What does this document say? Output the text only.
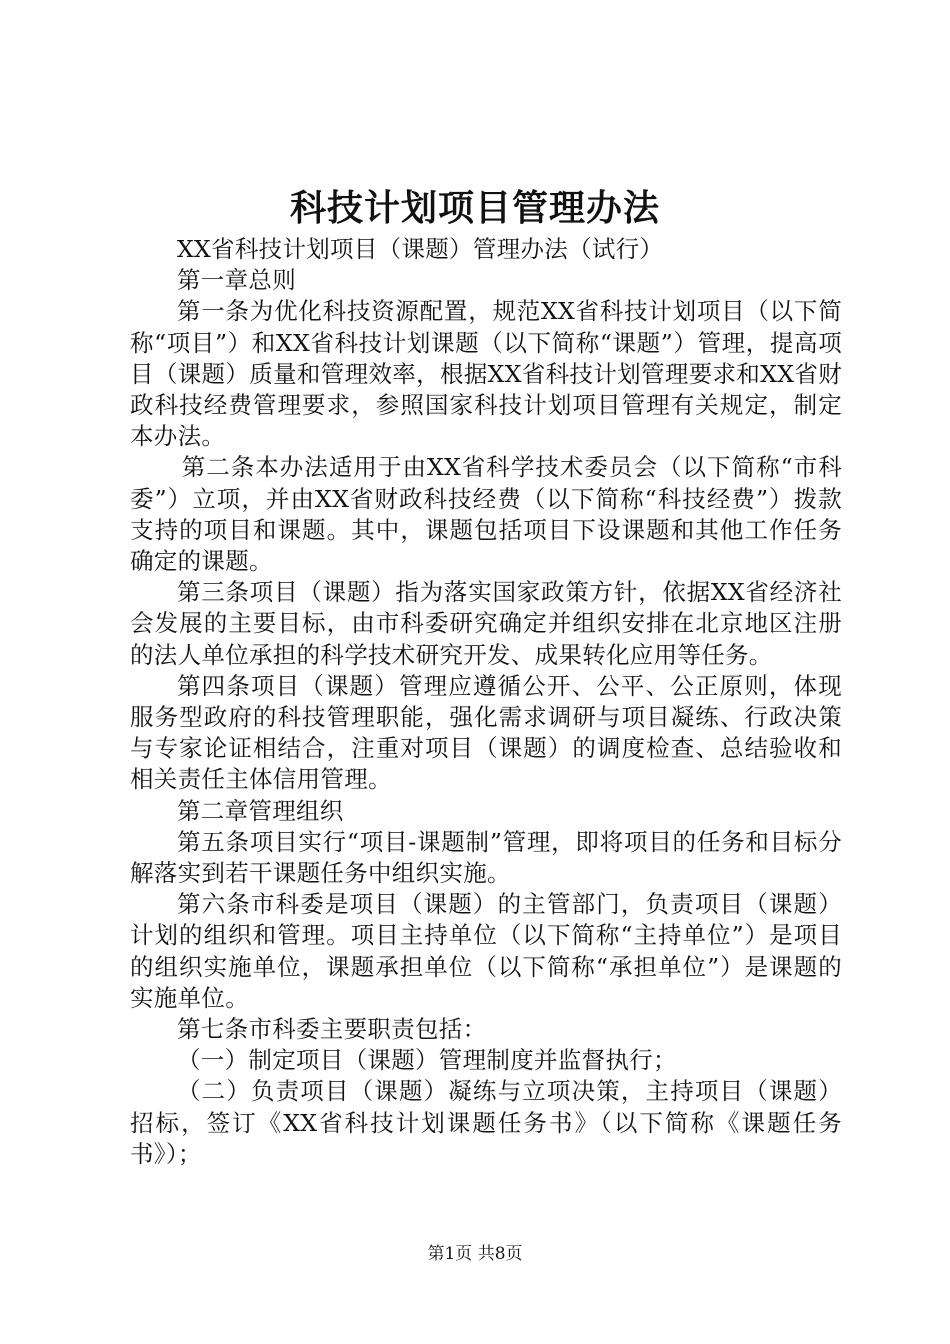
科技计划项目管理办法

XX省科技计划项目（课题）管理办法（试行）

第一章总则

第一条为优化科技资源配置，规范XX省科技计划项目（以下简称“项目”）和XX省科技计划课题（以下简称“课题”）管理，提高项目（课题）质量和管理效率，根据XX省科技计划管理要求和XX省财政科技经费管理要求，参照国家科技计划项目管理有关规定，制定本办法。

第二条本办法适用于由XX省科学技术委员会（以下简称“市科委”）立项，并由XX省财政科技经费（以下简称“科技经费”）拨款支持的项目和课题。其中，课题包括项目下设课题和其他工作任务确定的课题。

第三条项目（课题）指为落实国家政策方针，依据XX省经济社会发展的主要目标，由市科委研究确定并组织安排在北京地区注册的法人单位承担的科学技术研究开发、成果转化应用等任务。

第四条项目（课题）管理应遵循公开、公平、公正原则，体现服务型政府的科技管理职能，强化需求调研与项目凝练、行政决策与专家论证相结合，注重对项目（课题）的调度检查、总结验收和相关责任主体信用管理。

第二章管理组织

第五条项目实行“项目-课题制”管理，即将项目的任务和目标分解落实到若干课题任务中组织实施。

第六条市科委是项目（课题）的主管部门，负责项目（课题）计划的组织和管理。项目主持单位（以下简称“主持单位”）是项目的组织实施单位，课题承担单位（以下简称“承担单位”）是课题的实施单位。

第七条市科委主要职责包括：

（一）制定项目（课题）管理制度并监督执行；

（二）负责项目（课题）凝练与立项决策，主持项目（课题）招标，签订《XX省科技计划课题任务书》（以下简称《课题任务书》）；

第1页 共8页
